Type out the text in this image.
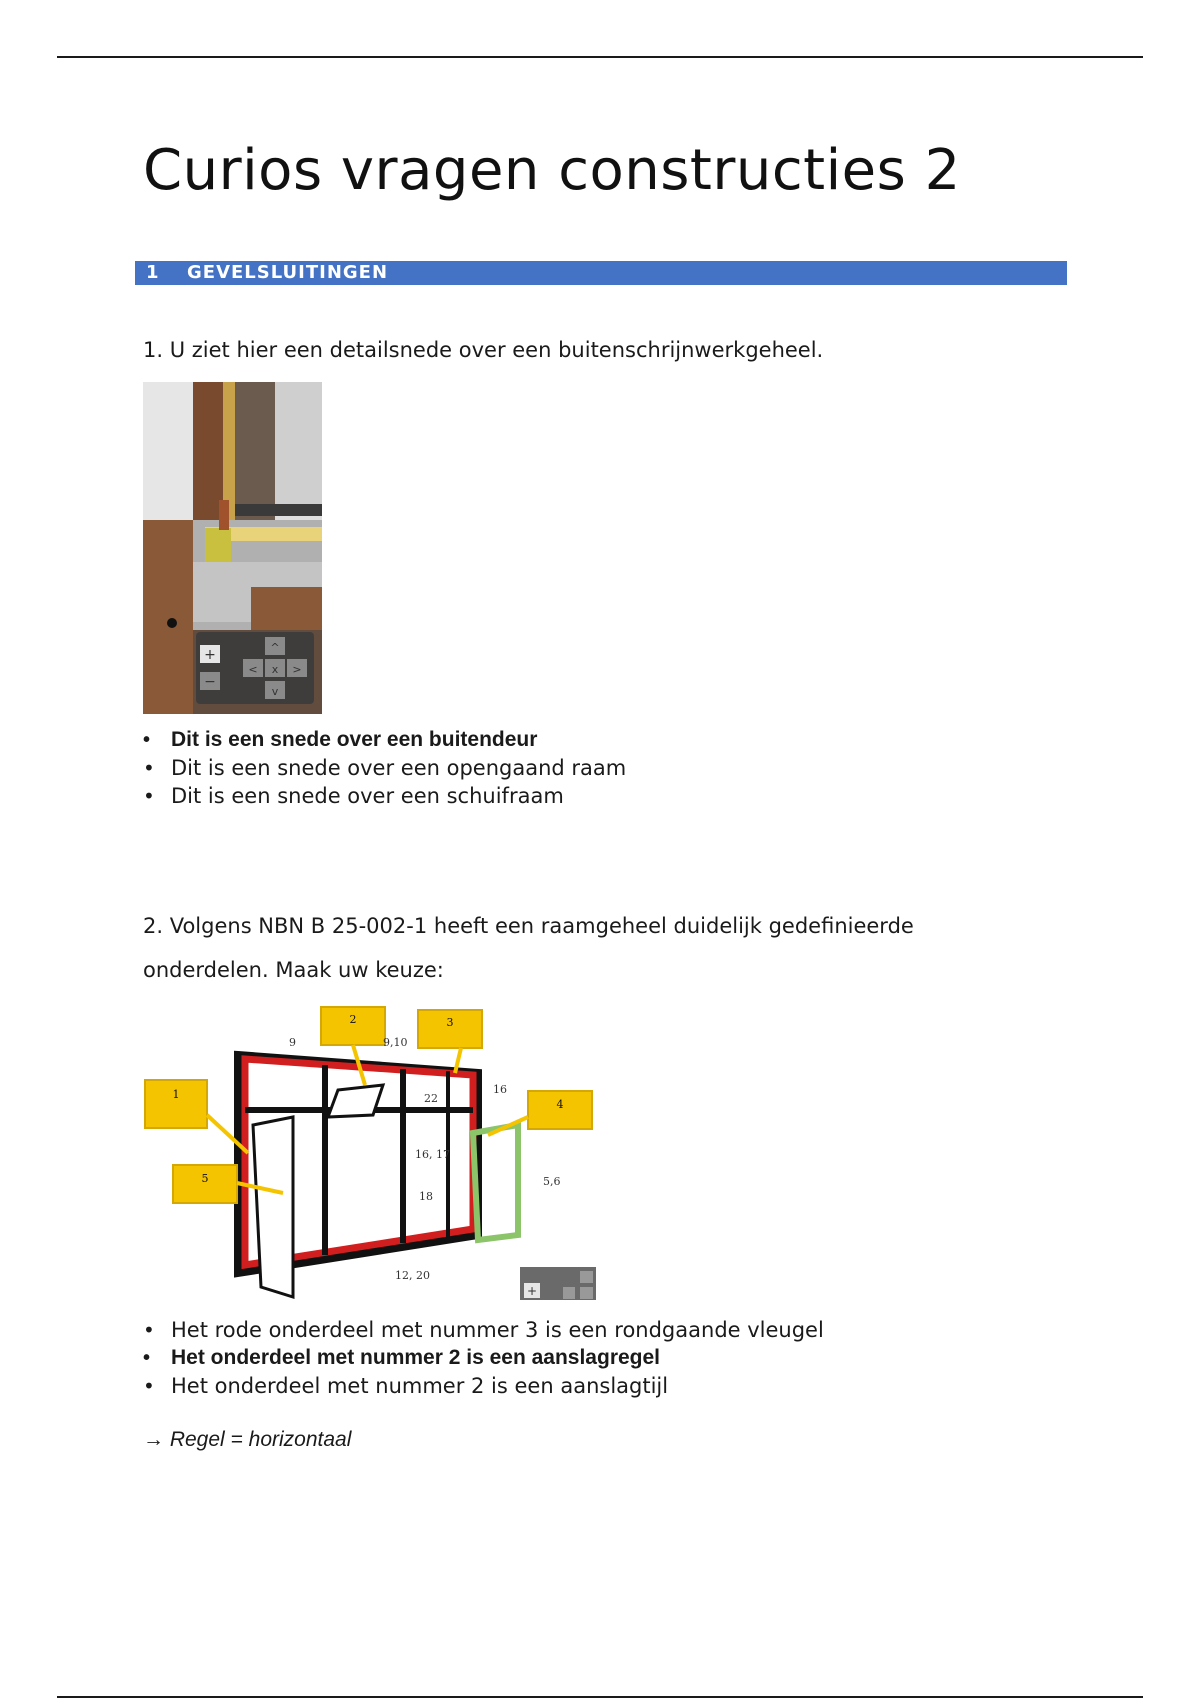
Curios vragen constructies 2
1 GEVELSLUITINGEN

1. U ziet hier een detailsnede over een buitenschrijnwerkgeheel.

+
−
^
< x >
v
• Dit is een snede over een buitendeur
• Dit is een snede over een opengaand raam
• Dit is een snede over een schuifraam

2. Volgens NBN B 25-002-1 heeft een raamgeheel duidelijk gedefinieerde

onderdelen. Maak uw keuze:

1
2	3
4
5
9	9,10
16
22
16, 17
18
5,6
12, 20
+
• Het rode onderdeel met nummer 3 is een rondgaande vleugel
• Het onderdeel met nummer 2 is een aanslagregel
• Het onderdeel met nummer 2 is een aanslagtijl

→ Regel = horizontaal
